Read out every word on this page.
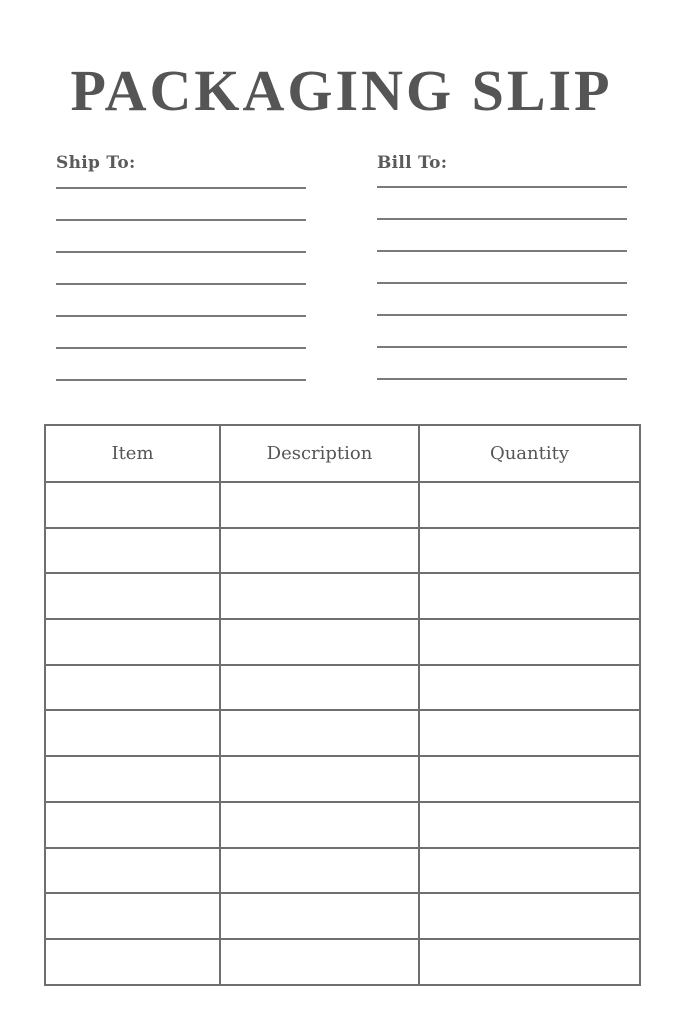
PACKAGING SLIP
Ship To:	Bill To:
Item	Description	Quantity
